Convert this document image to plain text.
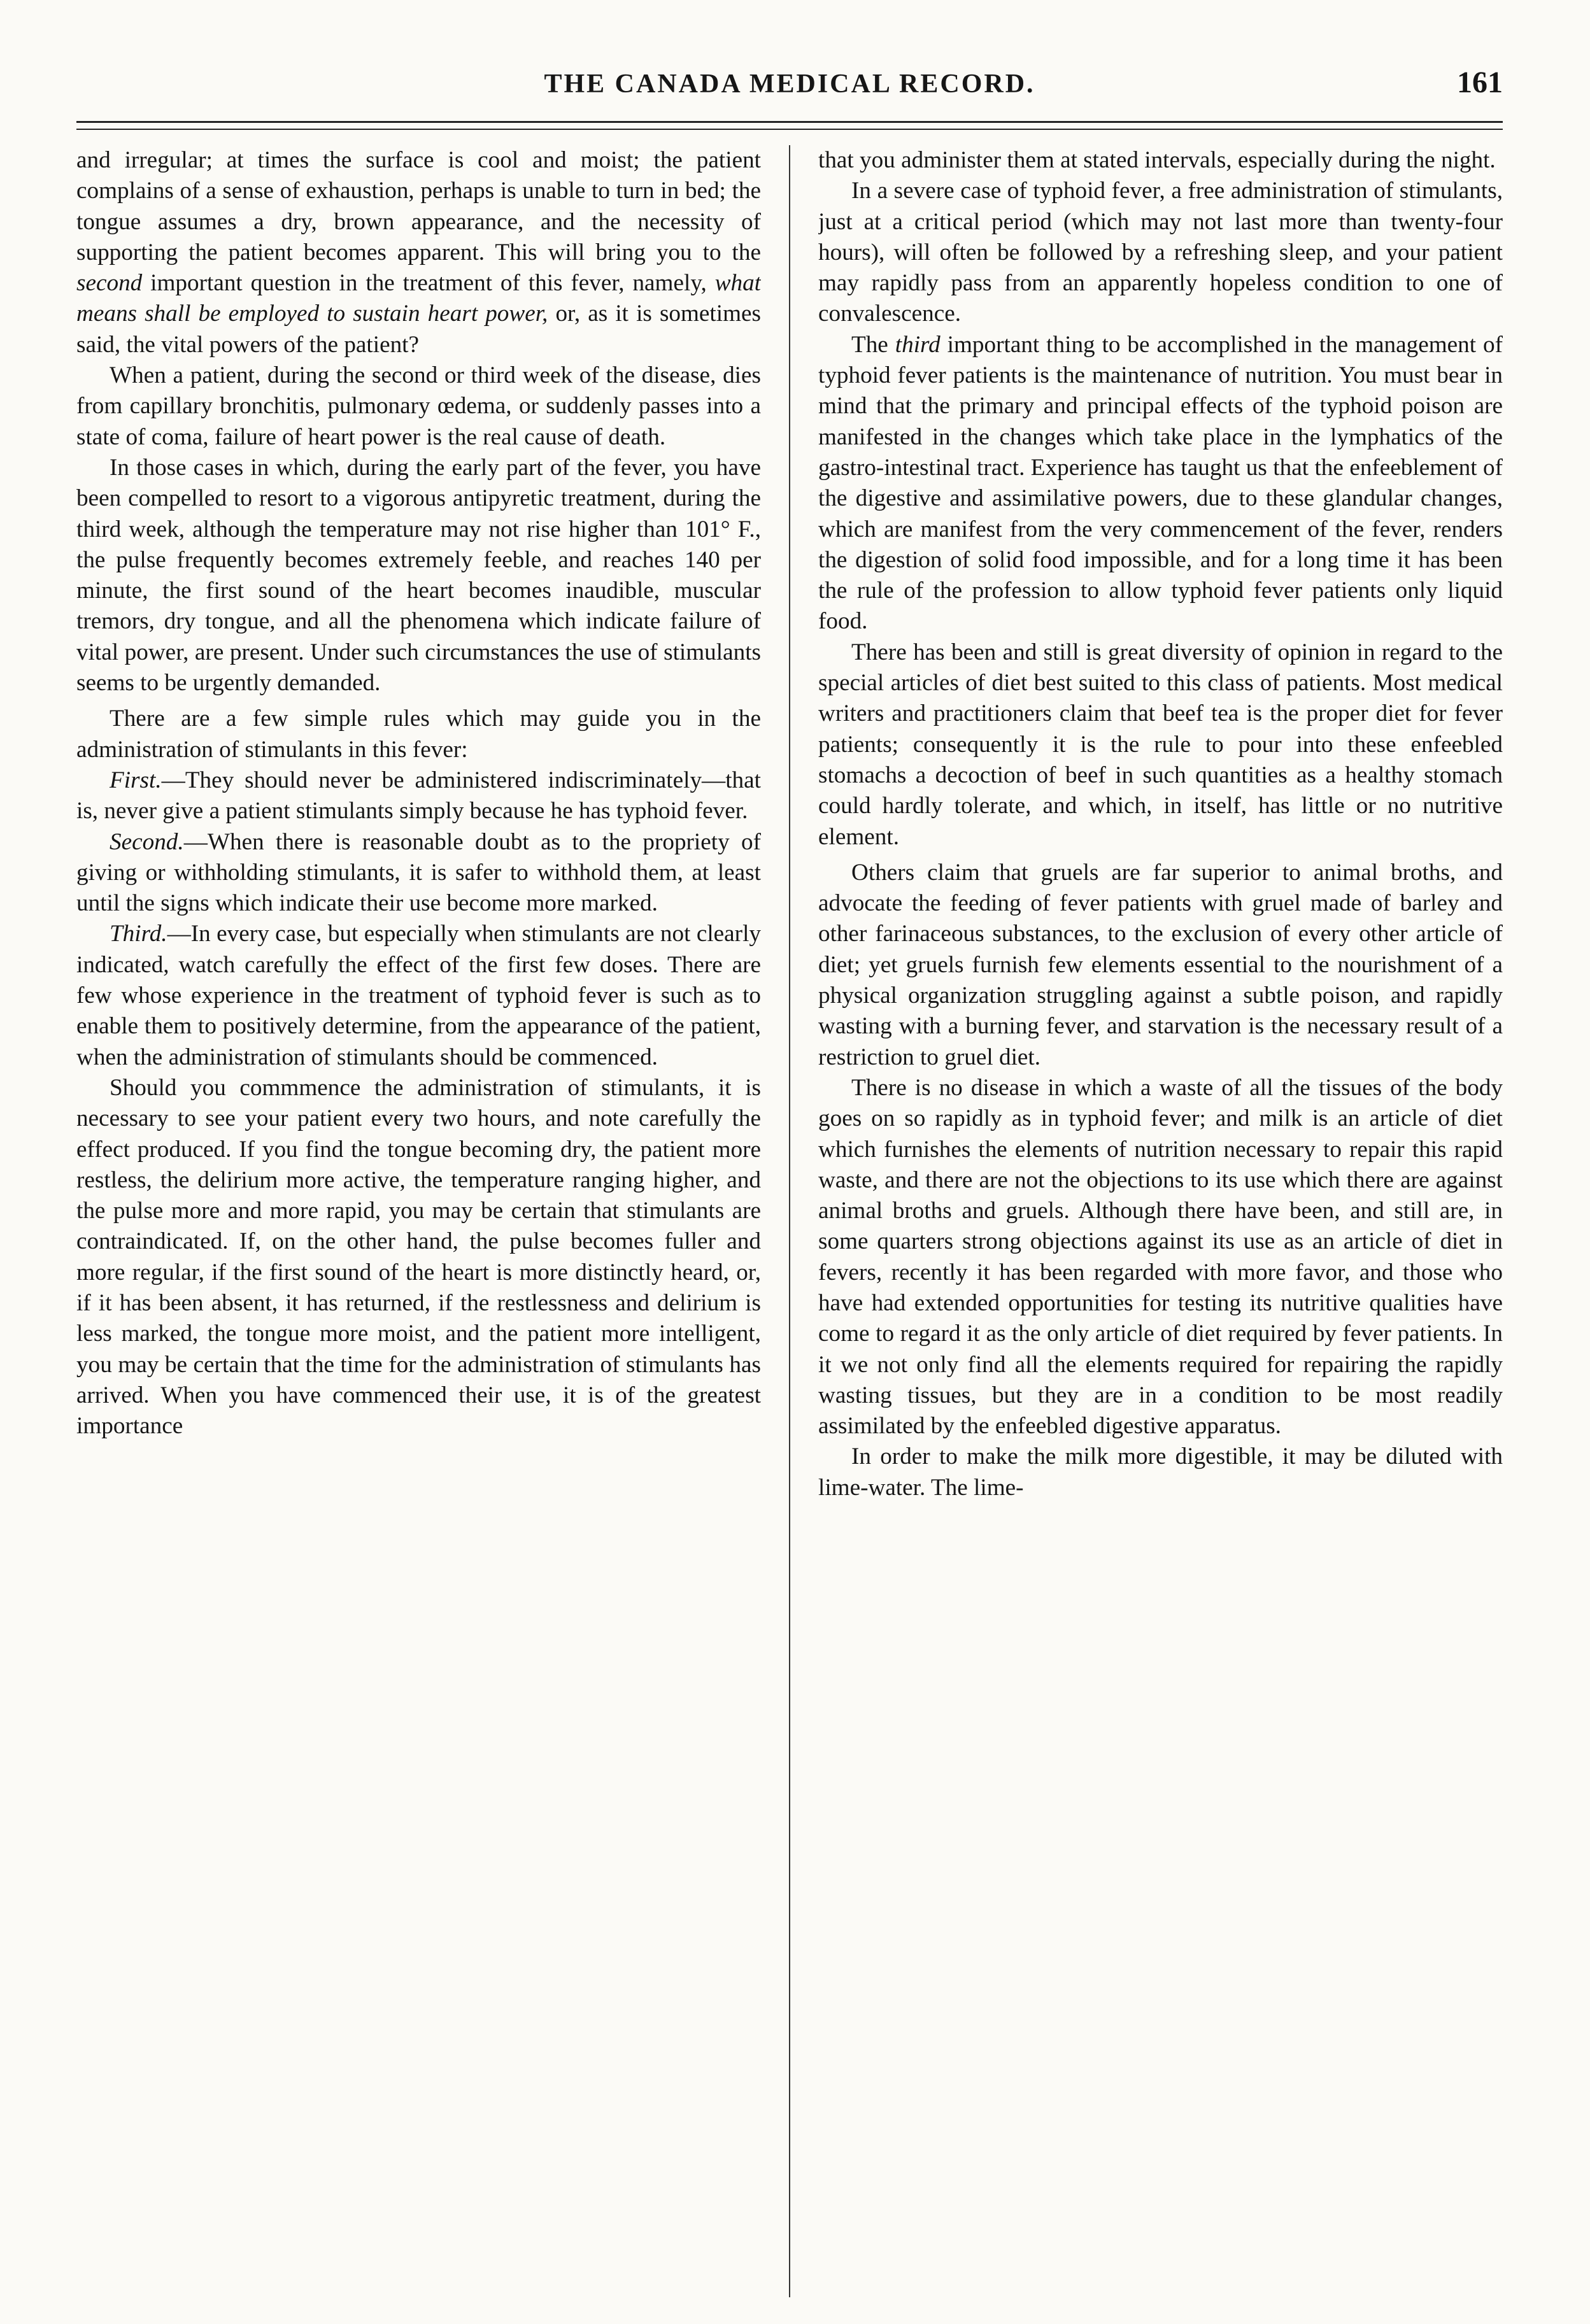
THE CANADA MEDICAL RECORD.	161

and irregular; at times the surface is cool and moist; the patient complains of a sense of exhaustion, perhaps is unable to turn in bed; the tongue assumes a dry, brown appearance, and the necessity of supporting the patient becomes apparent. This will bring you to the second important question in the treatment of this fever, namely, what means shall be employed to sustain heart power, or, as it is sometimes said, the vital powers of the patient?

When a patient, during the second or third week of the disease, dies from capillary bronchitis, pulmonary œdema, or suddenly passes into a state of coma, failure of heart power is the real cause of death.

In those cases in which, during the early part of the fever, you have been compelled to resort to a vigorous antipyretic treatment, during the third week, although the temperature may not rise higher than 101° F., the pulse frequently becomes extremely feeble, and reaches 140 per minute, the first sound of the heart becomes inaudible, muscular tremors, dry tongue, and all the phenomena which indicate failure of vital power, are present. Under such circumstances the use of stimulants seems to be urgently demanded.

There are a few simple rules which may guide you in the administration of stimulants in this fever:

First.—They should never be administered indiscriminately—that is, never give a patient stimulants simply because he has typhoid fever.

Second.—When there is reasonable doubt as to the propriety of giving or withholding stimulants, it is safer to withhold them, at least until the signs which indicate their use become more marked.

Third.—In every case, but especially when stimulants are not clearly indicated, watch carefully the effect of the first few doses. There are few whose experience in the treatment of typhoid fever is such as to enable them to positively determine, from the appearance of the patient, when the administration of stimulants should be commenced.

Should you commmence the administration of stimulants, it is necessary to see your patient every two hours, and note carefully the effect produced. If you find the tongue becoming dry, the patient more restless, the delirium more active, the temperature ranging higher, and the pulse more and more rapid, you may be certain that stimulants are contraindicated. If, on the other hand, the pulse becomes fuller and more regular, if the first sound of the heart is more distinctly heard, or, if it has been absent, it has returned, if the restlessness and delirium is less marked, the tongue more moist, and the patient more intelligent, you may be certain that the time for the administration of stimulants has arrived. When you have commenced their use, it is of the greatest importance

that you administer them at stated intervals, especially during the night.

In a severe case of typhoid fever, a free administration of stimulants, just at a critical period (which may not last more than twenty-four hours), will often be followed by a refreshing sleep, and your patient may rapidly pass from an apparently hopeless condition to one of convalescence.

The third important thing to be accomplished in the management of typhoid fever patients is the maintenance of nutrition. You must bear in mind that the primary and principal effects of the typhoid poison are manifested in the changes which take place in the lymphatics of the gastro-intestinal tract. Experience has taught us that the enfeeblement of the digestive and assimilative powers, due to these glandular changes, which are manifest from the very commencement of the fever, renders the digestion of solid food impossible, and for a long time it has been the rule of the profession to allow typhoid fever patients only liquid food.

There has been and still is great diversity of opinion in regard to the special articles of diet best suited to this class of patients. Most medical writers and practitioners claim that beef tea is the proper diet for fever patients; consequently it is the rule to pour into these enfeebled stomachs a decoction of beef in such quantities as a healthy stomach could hardly tolerate, and which, in itself, has little or no nutritive element.

Others claim that gruels are far superior to animal broths, and advocate the feeding of fever patients with gruel made of barley and other farinaceous substances, to the exclusion of every other article of diet; yet gruels furnish few elements essential to the nourishment of a physical organization struggling against a subtle poison, and rapidly wasting with a burning fever, and starvation is the necessary result of a restriction to gruel diet.

There is no disease in which a waste of all the tissues of the body goes on so rapidly as in typhoid fever; and milk is an article of diet which furnishes the elements of nutrition necessary to repair this rapid waste, and there are not the objections to its use which there are against animal broths and gruels. Although there have been, and still are, in some quarters strong objections against its use as an article of diet in fevers, recently it has been regarded with more favor, and those who have had extended opportunities for testing its nutritive qualities have come to regard it as the only article of diet required by fever patients. In it we not only find all the elements required for repairing the rapidly wasting tissues, but they are in a condition to be most readily assimilated by the enfeebled digestive apparatus.

In order to make the milk more digestible, it may be diluted with lime-water. The lime-
